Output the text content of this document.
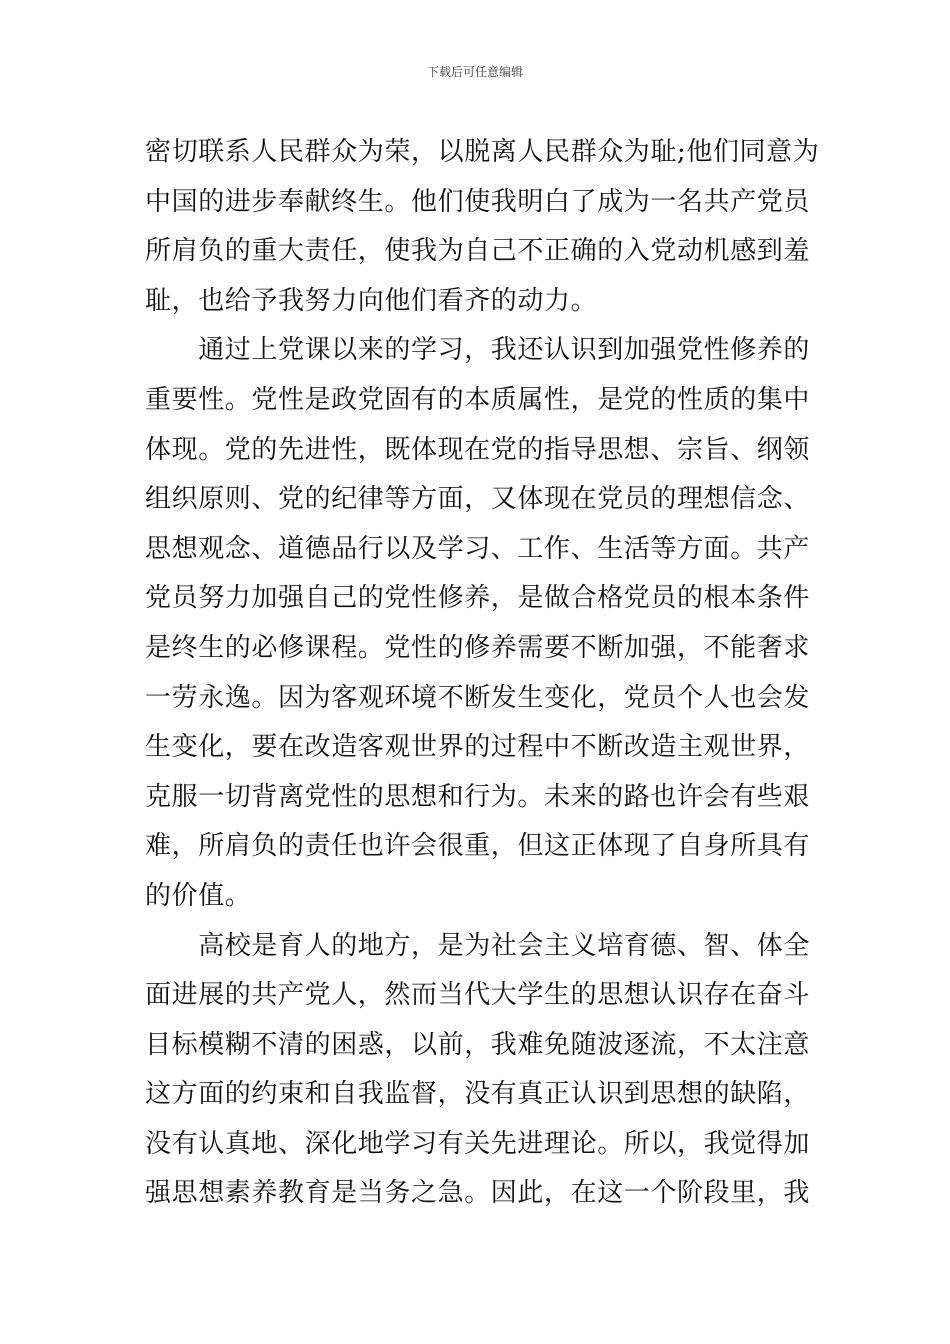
下载后可任意编辑
密切联系人民群众为荣，以脱离人民群众为耻;他们同意为
中国的进步奉献终生。他们使我明白了成为一名共产党员
所肩负的重大责任，使我为自己不正确的入党动机感到羞
耻，也给予我努力向他们看齐的动力。
　　通过上党课以来的学习，我还认识到加强党性修养的
重要性。党性是政党固有的本质属性，是党的性质的集中
体现。党的先进性，既体现在党的指导思想、宗旨、纲领
组织原则、党的纪律等方面，又体现在党员的理想信念、
思想观念、道德品行以及学习、工作、生活等方面。共产
党员努力加强自己的党性修养，是做合格党员的根本条件
是终生的必修课程。党性的修养需要不断加强，不能奢求
一劳永逸。因为客观环境不断发生变化，党员个人也会发
生变化，要在改造客观世界的过程中不断改造主观世界，
克服一切背离党性的思想和行为。未来的路也许会有些艰
难，所肩负的责任也许会很重，但这正体现了自身所具有
的价值。
　　高校是育人的地方，是为社会主义培育德、智、体全
面进展的共产党人，然而当代大学生的思想认识存在奋斗
目标模糊不清的困惑，以前，我难免随波逐流，不太注意
这方面的约束和自我监督，没有真正认识到思想的缺陷，
没有认真地、深化地学习有关先进理论。所以，我觉得加
强思想素养教育是当务之急。因此，在这一个阶段里，我
